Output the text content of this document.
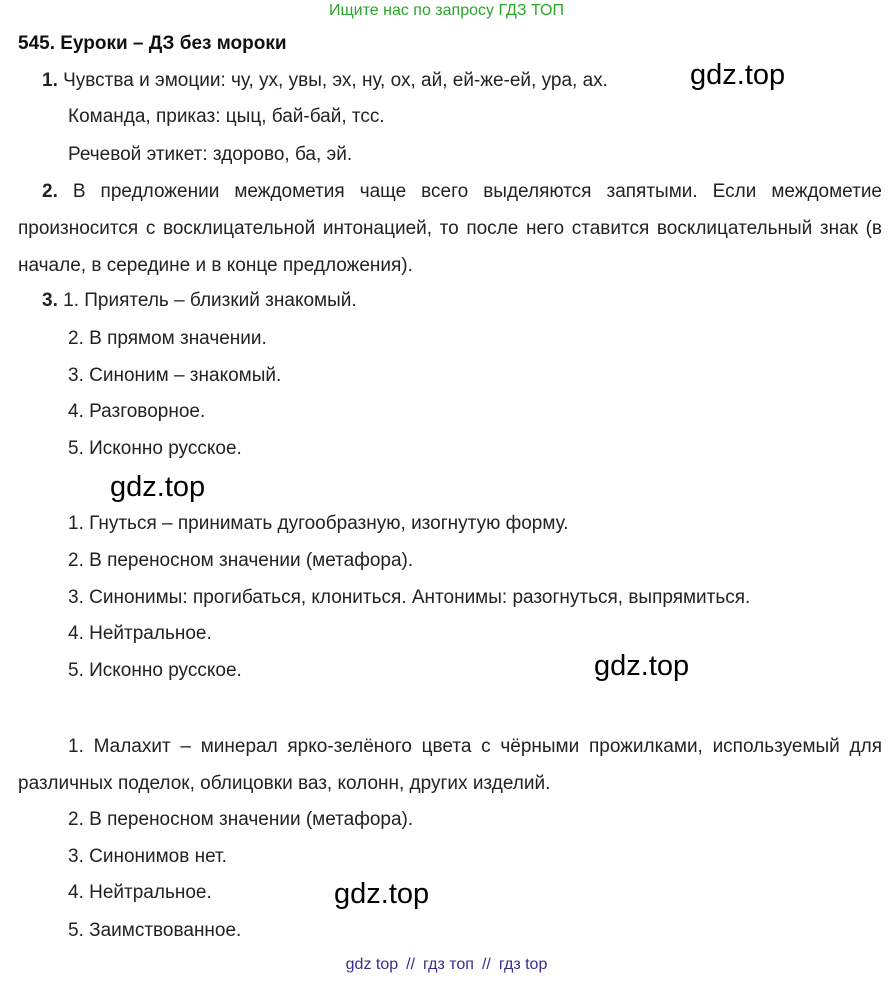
Ищите нас по запросу ГДЗ ТОП
545. Еуроки – ДЗ без мороки
1. Чувства и эмоции: чу, ух, увы, эх, ну, ох, ай, ей-же-ей, ура, ах.
Команда, приказ: цыц, бай-бай, тсс.
Речевой этикет: здорово, ба, эй.
2. В предложении междометия чаще всего выделяются запятыми. Если междометие произносится с восклицательной интонацией, то после него ставится восклицательный знак (в начале, в середине и в конце предложения).
3. 1. Приятель – близкий знакомый.
2. В прямом значении.
3. Синоним – знакомый.
4. Разговорное.
5. Исконно русское.
1. Гнуться – принимать дугообразную, изогнутую форму.
2. В переносном значении (метафора).
3. Синонимы: прогибаться, клониться. Антонимы: разогнуться, выпрямиться.
4. Нейтральное.
5. Исконно русское.
1. Малахит – минерал ярко-зелёного цвета с чёрными прожилками, используемый для различных поделок, облицовки ваз, колонн, других изделий.
2. В переносном значении (метафора).
3. Синонимов нет.
4. Нейтральное.
5. Заимствованное.
gdz.top
gdz.top
gdz.top
gdz.top
gdz top // гдз топ // гдз top
